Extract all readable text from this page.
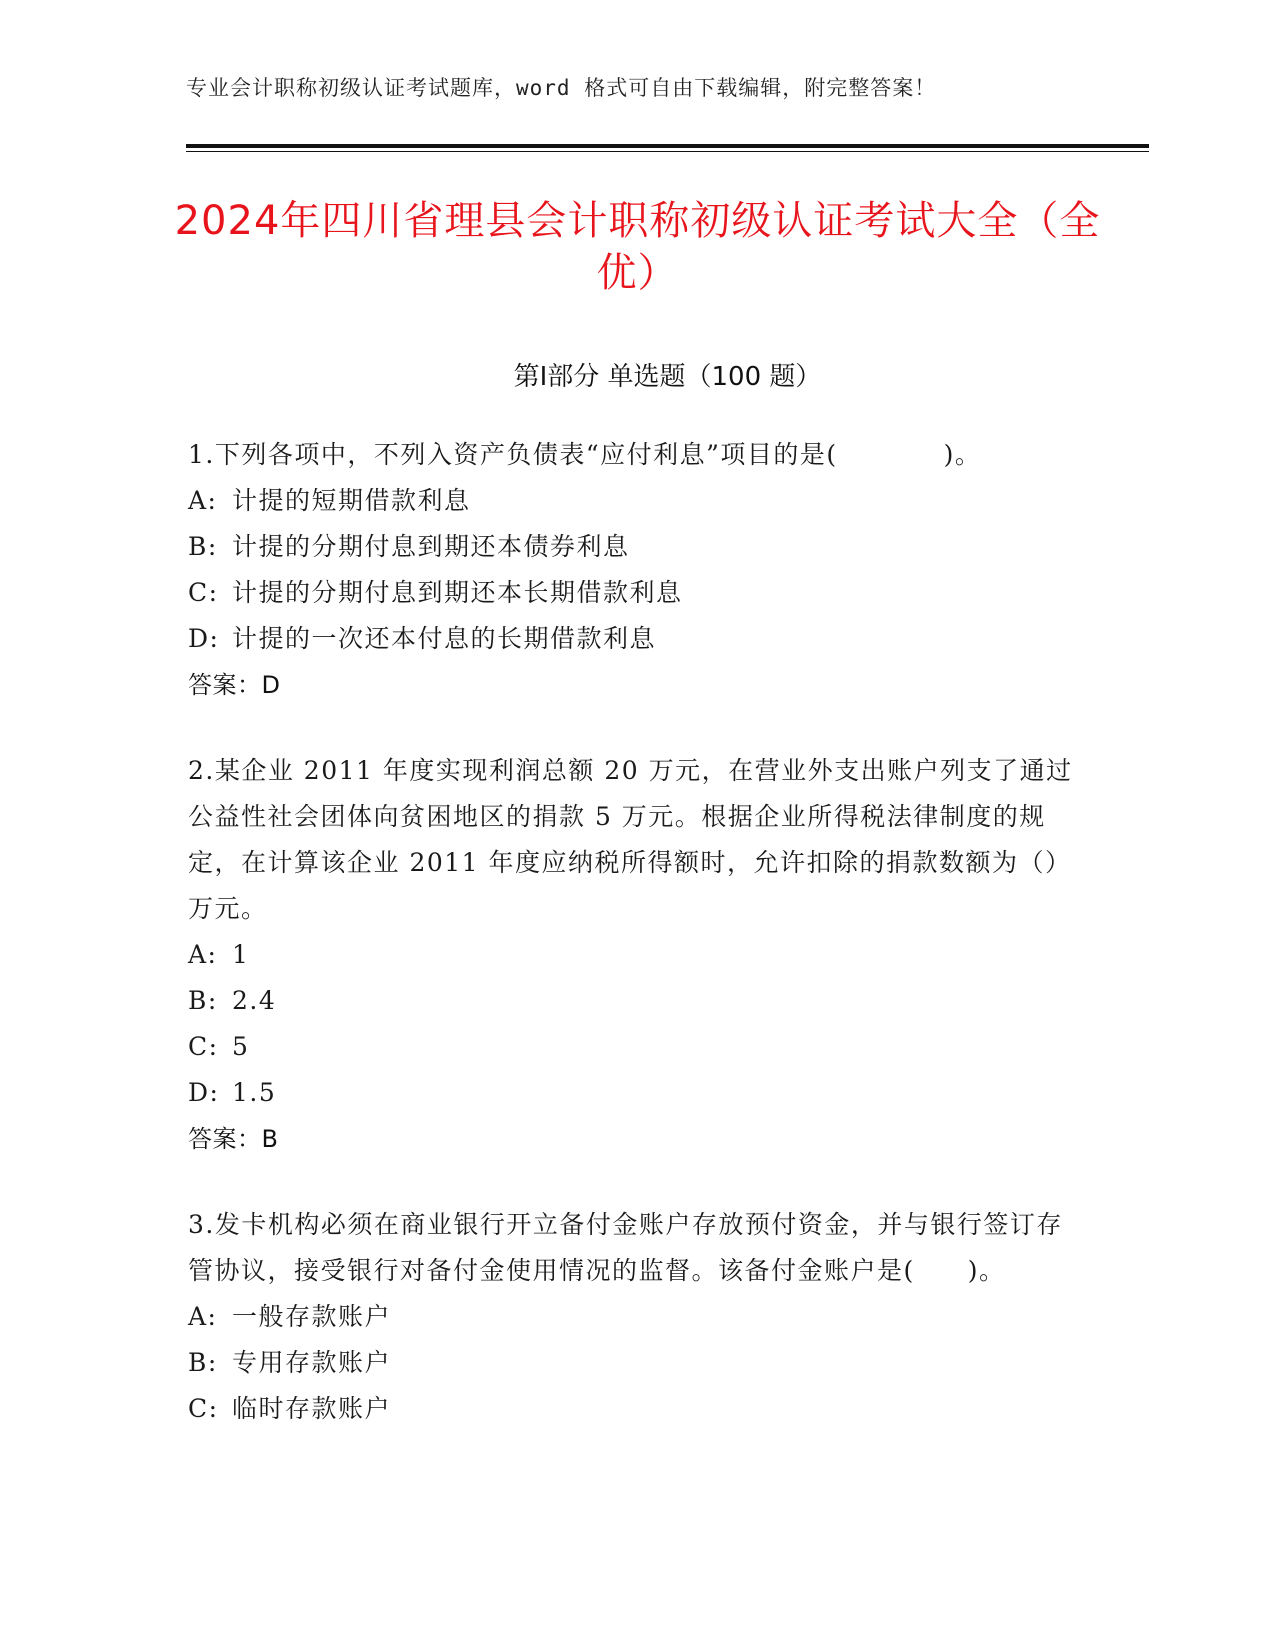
专业会计职称初级认证考试题库，word 格式可自由下载编辑，附完整答案！
2024年四川省理县会计职称初级认证考试大全（全优）
第Ⅰ部分 单选题（100 题）

1.下列各项中，不列入资产负债表“应付利息”项目的是(　　　　)。

A: 计提的短期借款利息

B: 计提的分期付息到期还本债券利息

C: 计提的分期付息到期还本长期借款利息

D: 计提的一次还本付息的长期借款利息

答案：D

2.某企业 2011 年度实现利润总额 20 万元，在营业外支出账户列支了通过公益性社会团体向贫困地区的捐款 5 万元。根据企业所得税法律制度的规定，在计算该企业 2011 年度应纳税所得额时，允许扣除的捐款数额为（）万元。

A: 1

B: 2.4

C: 5

D: 1.5

答案：B

3.发卡机构必须在商业银行开立备付金账户存放预付资金，并与银行签订存管协议，接受银行对备付金使用情况的监督。该备付金账户是(　　)。

A: 一般存款账户

B: 专用存款账户

C: 临时存款账户
